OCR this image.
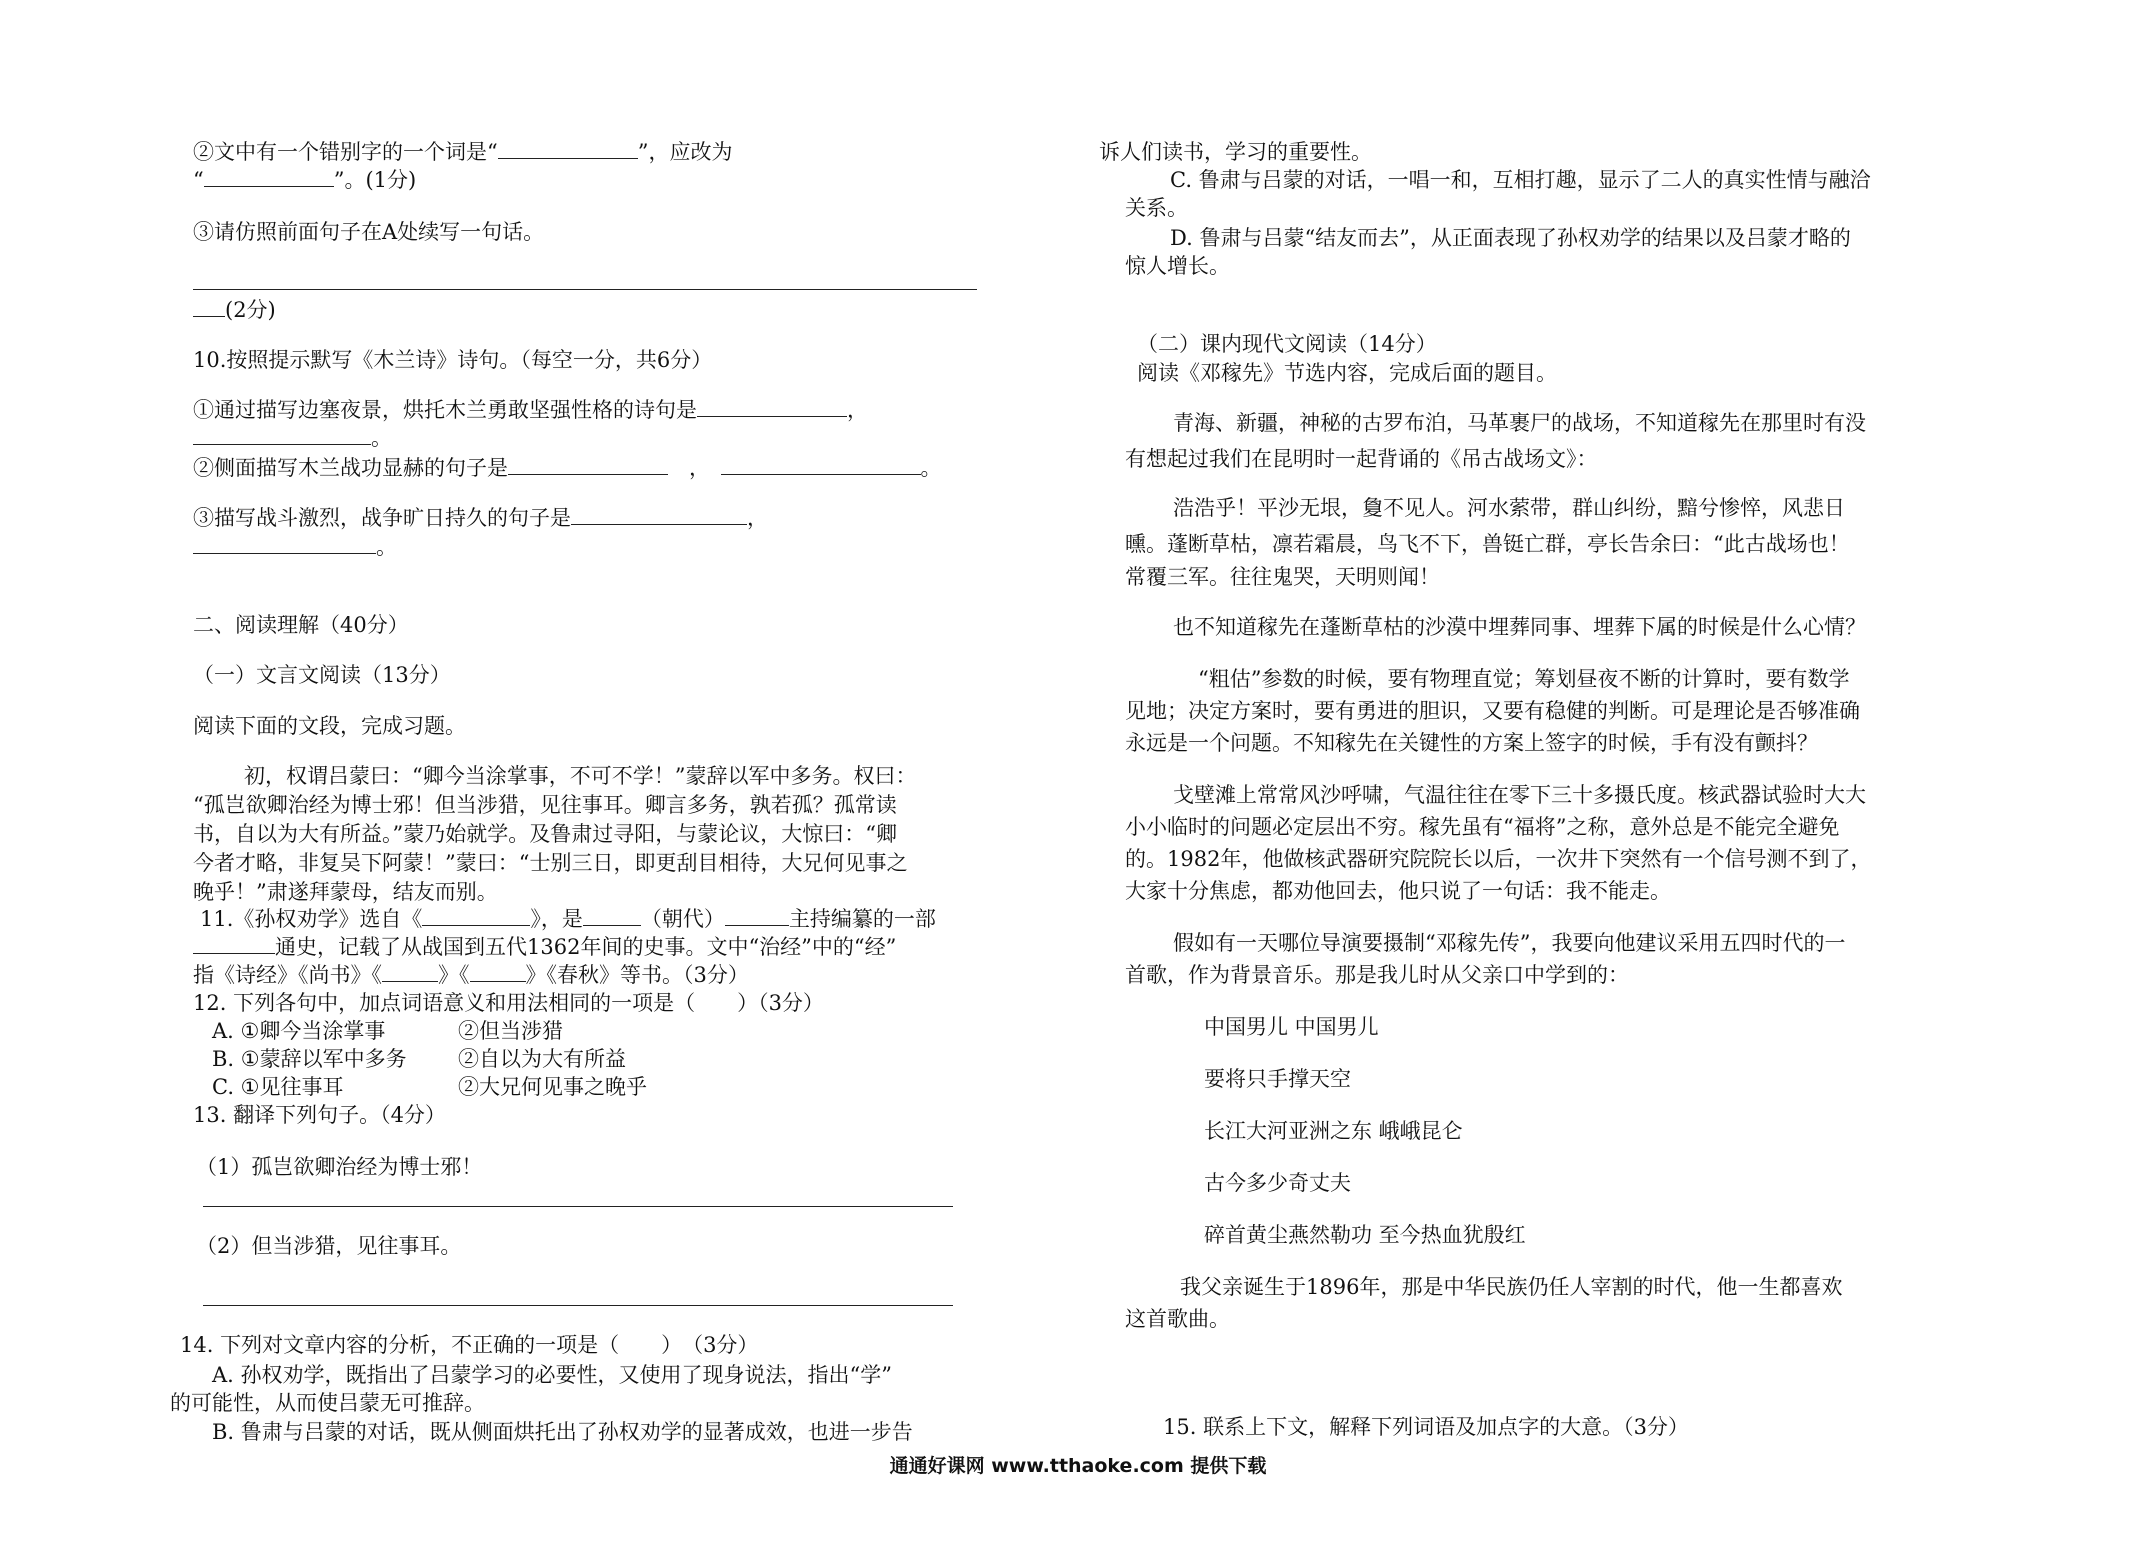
②文中有一个错别字的一个词是“	”，应改为
“	”。(1分)
③请仿照前面句子在A处续写一句话。
(2分)
10.按照提示默写《木兰诗》诗句。（每空一分，共6分）
①通过描写边塞夜景，烘托木兰勇敢坚强性格的诗句是	，
。
②侧面描写木兰战功显赫的句子是	　，　	。
③描写战斗激烈，战争旷日持久的句子是	，
。
二、阅读理解（40分）
（一）文言文阅读（13分）
阅读下面的文段，完成习题。
初，权谓吕蒙曰：“卿今当涂掌事，不可不学！”蒙辞以军中多务。权曰：
“孤岂欲卿治经为博士邪！但当涉猎，见往事耳。卿言多务，孰若孤？孤常读
书，自以为大有所益。”蒙乃始就学。及鲁肃过寻阳，与蒙论议，大惊曰：“卿
今者才略，非复吴下阿蒙！”蒙曰：“士别三日，即更刮目相待，大兄何见事之
晚乎！”肃遂拜蒙母，结友而别。
11.《孙权劝学》选自《	》，是	（朝代）	主持编纂的一部
通史，记载了从战国到五代1362年间的史事。文中“治经”中的“经”
指《诗经》《尚书》《	》《	》《春秋》等书。（3分）
12. 下列各句中，加点词语意义和用法相同的一项是（　　）（3分）
A. ①卿今当涂掌事	②但当涉猎
B. ①蒙辞以军中多务 ②自以为大有所益
C. ①见往事耳	②大兄何见事之晚乎
13. 翻译下列句子。（4分）
（1）孤岂欲卿治经为博士邪！
（2）但当涉猎，见往事耳。
14. 下列对文章内容的分析，不正确的一项是（　　）　（3分）
A. 孙权劝学，既指出了吕蒙学习的必要性，又使用了现身说法，指出“学”
的可能性，从而使吕蒙无可推辞。
B. 鲁肃与吕蒙的对话，既从侧面烘托出了孙权劝学的显著成效，也进一步告
诉人们读书，学习的重要性。
C. 鲁肃与吕蒙的对话，一唱一和，互相打趣，显示了二人的真实性情与融洽
关系。
D. 鲁肃与吕蒙“结友而去”，从正面表现了孙权劝学的结果以及吕蒙才略的
惊人增长。
（二）课内现代文阅读（14分）
阅读《邓稼先》节选内容，完成后面的题目。
青海、新疆，神秘的古罗布泊，马革裹尸的战场，不知道稼先在那里时有没
有想起过我们在昆明时一起背诵的《吊古战场文》：
浩浩乎！平沙无垠，敻不见人。河水萦带，群山纠纷，黯兮惨悴，风悲日
曛。蓬断草枯，凛若霜晨，鸟飞不下，兽铤亡群，亭长告余曰：“此古战场也！
常覆三军。往往鬼哭，天明则闻！
也不知道稼先在蓬断草枯的沙漠中埋葬同事、埋葬下属的时候是什么心情？
“粗估”参数的时候，要有物理直觉；筹划昼夜不断的计算时，要有数学
见地；决定方案时，要有勇进的胆识，又要有稳健的判断。可是理论是否够准确
永远是一个问题。不知稼先在关键性的方案上签字的时候，手有没有颤抖？
戈壁滩上常常风沙呼啸，气温往往在零下三十多摄氏度。核武器试验时大大
小小临时的问题必定层出不穷。稼先虽有“福将”之称，意外总是不能完全避免
的。1982年，他做核武器研究院院长以后，一次井下突然有一个信号测不到了，
大家十分焦虑，都劝他回去，他只说了一句话：我不能走。
假如有一天哪位导演要摄制“邓稼先传”，我要向他建议采用五四时代的一
首歌，作为背景音乐。那是我儿时从父亲口中学到的：
中国男儿 中国男儿
要将只手撑天空
长江大河亚洲之东 峨峨昆仑
古今多少奇丈夫
碎首黄尘燕然勒功 至今热血犹殷红
我父亲诞生于1896年，那是中华民族仍任人宰割的时代，他一生都喜欢
这首歌曲。
15. 联系上下文，解释下列词语及加点字的大意。（3分）
通通好课网 www.tthaoke.com 提供下载
